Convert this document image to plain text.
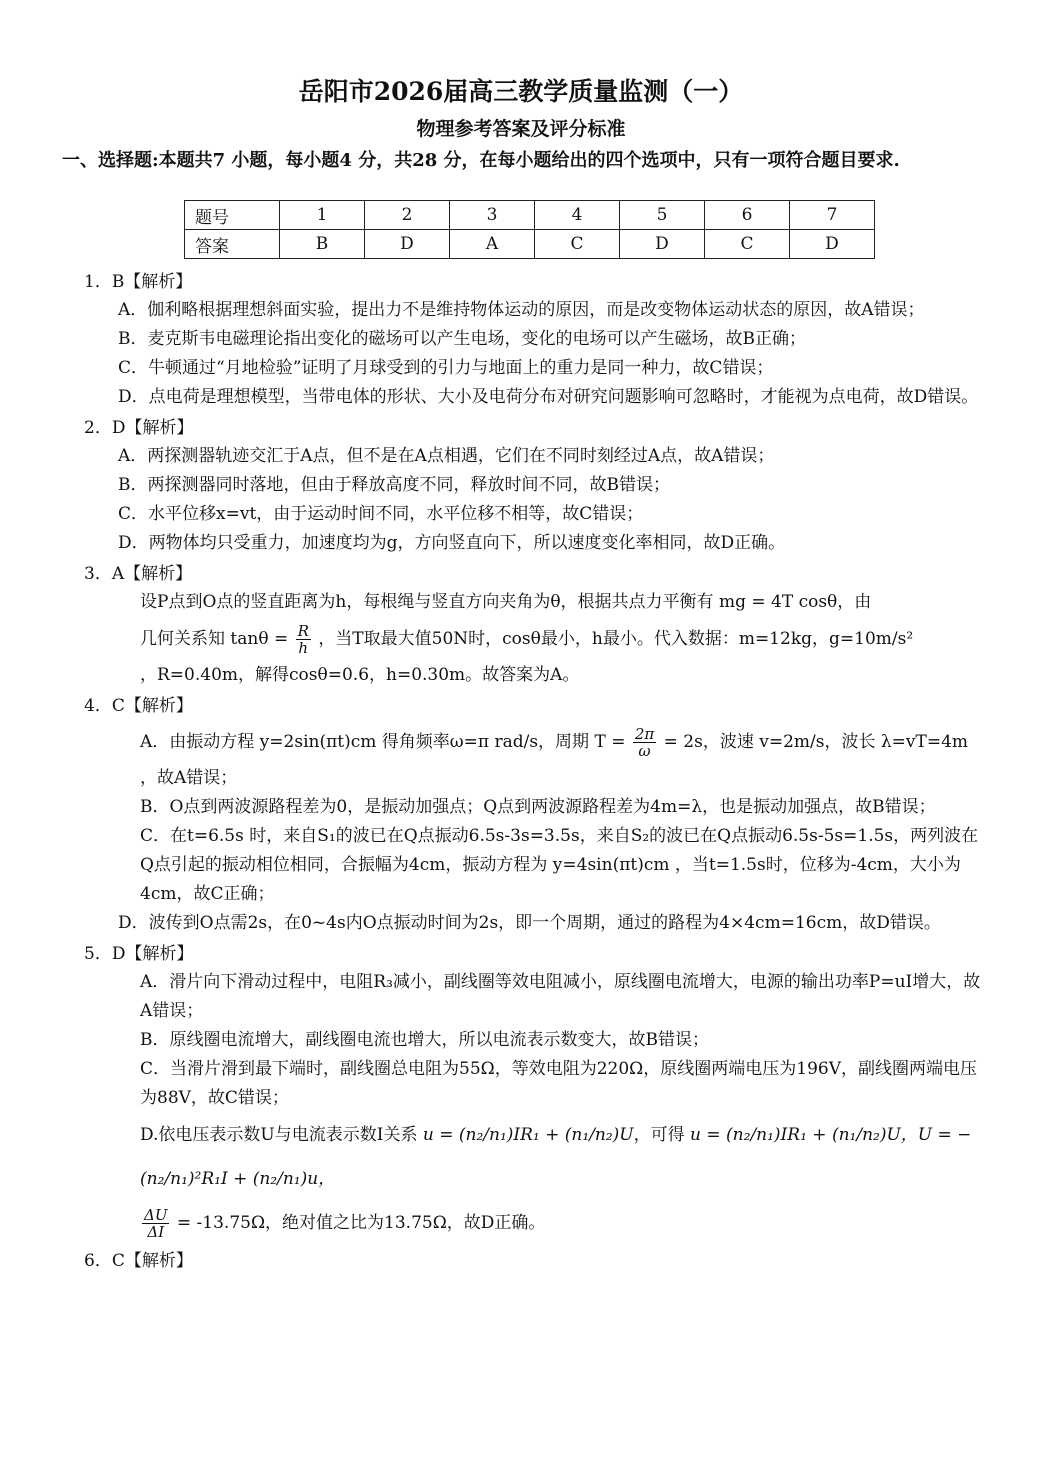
岳阳市2026届高三教学质量监测（一）
物理参考答案及评分标准
一、选择题:本题共7 小题，每小题4 分，共28 分，在每小题给出的四个选项中，只有一项符合题目要求.
题号	1	2	3	4	5	6	7
答案	B	D	A	C	D	C	D
1．B【解析】
A．伽利略根据理想斜面实验，提出力不是维持物体运动的原因，而是改变物体运动状态的原因，故A错误；
B．麦克斯韦电磁理论指出变化的磁场可以产生电场，变化的电场可以产生磁场，故B正确；
C．牛顿通过“月地检验”证明了月球受到的引力与地面上的重力是同一种力，故C错误；
D．点电荷是理想模型，当带电体的形状、大小及电荷分布对研究问题影响可忽略时，才能视为点电荷，故D错误。
2．D【解析】
A．两探测器轨迹交汇于A点，但不是在A点相遇，它们在不同时刻经过A点，故A错误；
B．两探测器同时落地，但由于释放高度不同，释放时间不同，故B错误；
C．水平位移x=vt，由于运动时间不同，水平位移不相等，故C错误；
D．两物体均只受重力，加速度均为g，方向竖直向下，所以速度变化率相同，故D正确。
3．A【解析】
设P点到O点的竖直距离为h，每根绳与竖直方向夹角为θ，根据共点力平衡有 mg = 4T cosθ，由
几何关系知 $\tan\theta = \frac{R}{h}$ ，当T取最大值50N时，cosθ最小，h最小。代入数据：m=12kg，g=10m/s²
，R=0.40m，解得cosθ=0.6，h=0.30m。故答案为A。
4．C【解析】
A．由振动方程 y=2sin(πt)cm 得角频率ω=π rad/s，周期 $T = \frac{2\pi}{\omega} = 2s$，波速 v=2m/s，波长 λ=vT=4m
，故A错误；
B．O点到两波源路程差为0，是振动加强点；Q点到两波源路程差为4m=λ，也是振动加强点，故B错误；
C．在t=6.5s 时，来自S₁的波已在Q点振动6.5s-3s=3.5s，来自S₂的波已在Q点振动6.5s-5s=1.5s，两列波在Q点引起的振动相位相同，合振幅为4cm，振动方程为 y=4sin(πt)cm ，当t=1.5s时，位移为-4cm，大小为4cm，故C正确；
D．波传到O点需2s，在0~4s内O点振动时间为2s，即一个周期，通过的路程为4×4cm=16cm，故D错误。
5．D【解析】
A．滑片向下滑动过程中，电阻R₃减小，副线圈等效电阻减小，原线圈电流增大，电源的输出功率P=uI增大，故A错误；
B．原线圈电流增大，副线圈电流也增大，所以电流表示数变大，故B错误；
C．当滑片滑到最下端时，副线圈总电阻为55Ω，等效电阻为220Ω，原线圈两端电压为196V，副线圈两端电压为88V，故C错误；
D.依电压表示数U与电流表示数I关系 u = (n₂/n₁)IR₁ + (n₁/n₂)U，可得 u = (n₂/n₁)IR₁ + (n₁/n₂)U，U = −(n₂/n₁)²R₁I + (n₂/n₁)u，
$\frac{\Delta U}{\Delta I} = -13.75\Omega$，绝对值之比为13.75Ω，故D正确。
6．C【解析】
